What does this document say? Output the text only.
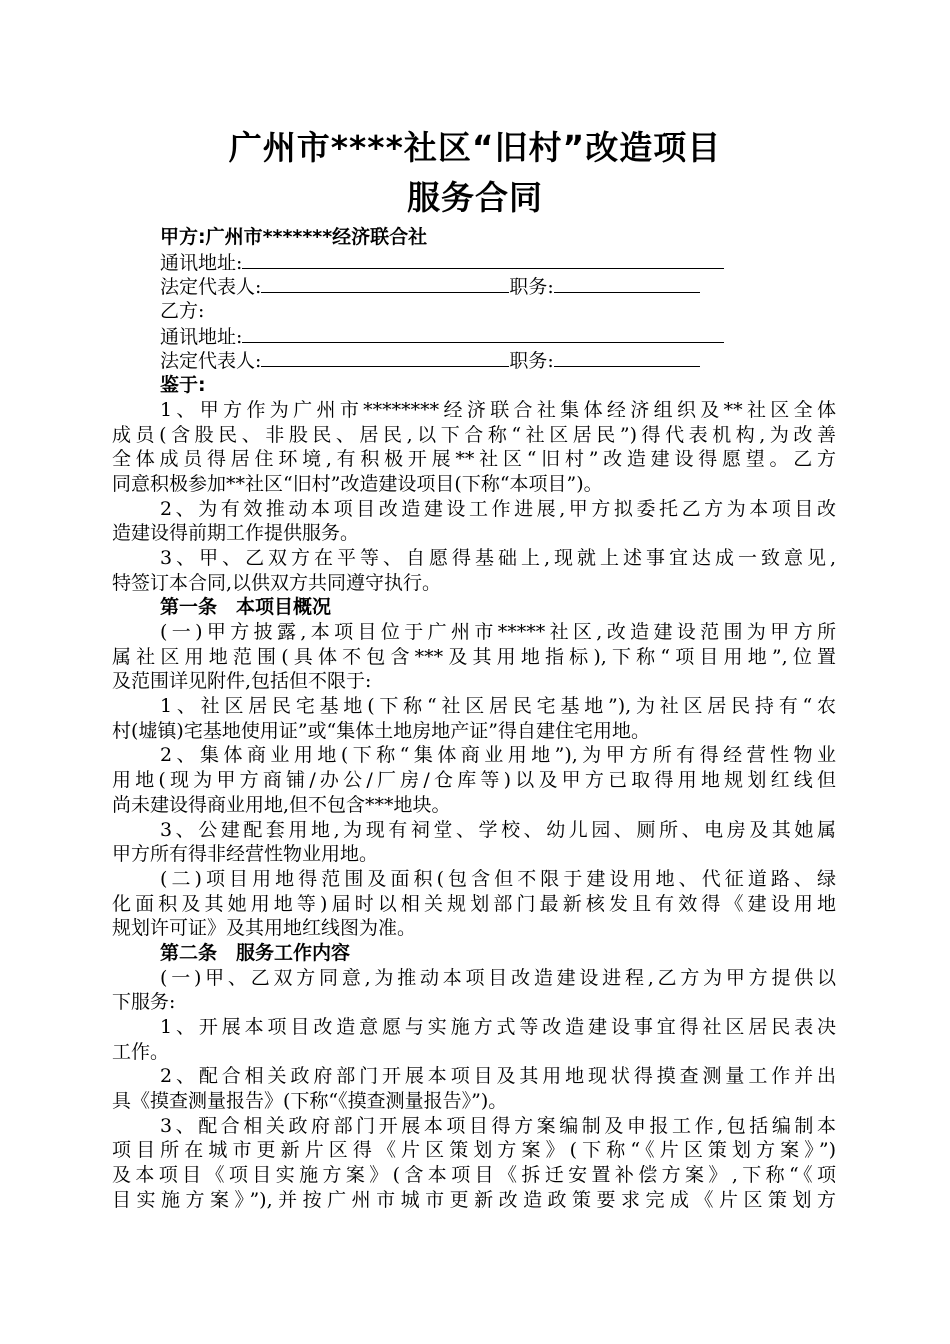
广州市****社区“旧村”改造项目
服务合同
甲方:广州市*******经济联合社
通讯地址:
法定代表人:	职务:
乙方:
通讯地址:
法定代表人:	职务:
鉴于:
1、甲方作为广州市********经济联合社集体经济组织及**社区全体
成员(含股民、非股民、居民,以下合称“社区居民”)得代表机构,为改善
全体成员得居住环境,有积极开展**社区“旧村”改造建设得愿望。乙方
同意积极参加**社区“旧村”改造建设项目(下称“本项目”)。
2、为有效推动本项目改造建设工作进展,甲方拟委托乙方为本项目改
造建设得前期工作提供服务。
3、甲、乙双方在平等、自愿得基础上,现就上述事宜达成一致意见,
特签订本合同,以供双方共同遵守执行。
第一条　本项目概况
(一)甲方披露,本项目位于广州市*****社区,改造建设范围为甲方所
属社区用地范围(具体不包含***及其用地指标),下称“项目用地”,位置
及范围详见附件,包括但不限于:
1、社区居民宅基地(下称“社区居民宅基地”),为社区居民持有“农
村(墟镇)宅基地使用证”或“集体土地房地产证”得自建住宅用地。
2、集体商业用地(下称“集体商业用地”),为甲方所有得经营性物业
用地(现为甲方商铺/办公/厂房/仓库等)以及甲方已取得用地规划红线但
尚未建设得商业用地,但不包含***地块。
3、公建配套用地,为现有祠堂、学校、幼儿园、厕所、电房及其她属
甲方所有得非经营性物业用地。
(二)项目用地得范围及面积(包含但不限于建设用地、代征道路、绿
化面积及其她用地等)届时以相关规划部门最新核发且有效得《建设用地
规划许可证》及其用地红线图为准。
第二条　服务工作内容
(一)甲、乙双方同意,为推动本项目改造建设进程,乙方为甲方提供以
下服务:
1、开展本项目改造意愿与实施方式等改造建设事宜得社区居民表决
工作。
2、配合相关政府部门开展本项目及其用地现状得摸查测量工作并出
具《摸查测量报告》(下称“《摸查测量报告》”)。
3、配合相关政府部门开展本项目得方案编制及申报工作,包括编制本
项目所在城市更新片区得《片区策划方案》(下称“《片区策划方案》”)
及本项目《项目实施方案》(含本项目《拆迁安置补偿方案》,下称“《项
目实施方案》”),并按广州市城市更新改造政策要求完成《片区策划方
